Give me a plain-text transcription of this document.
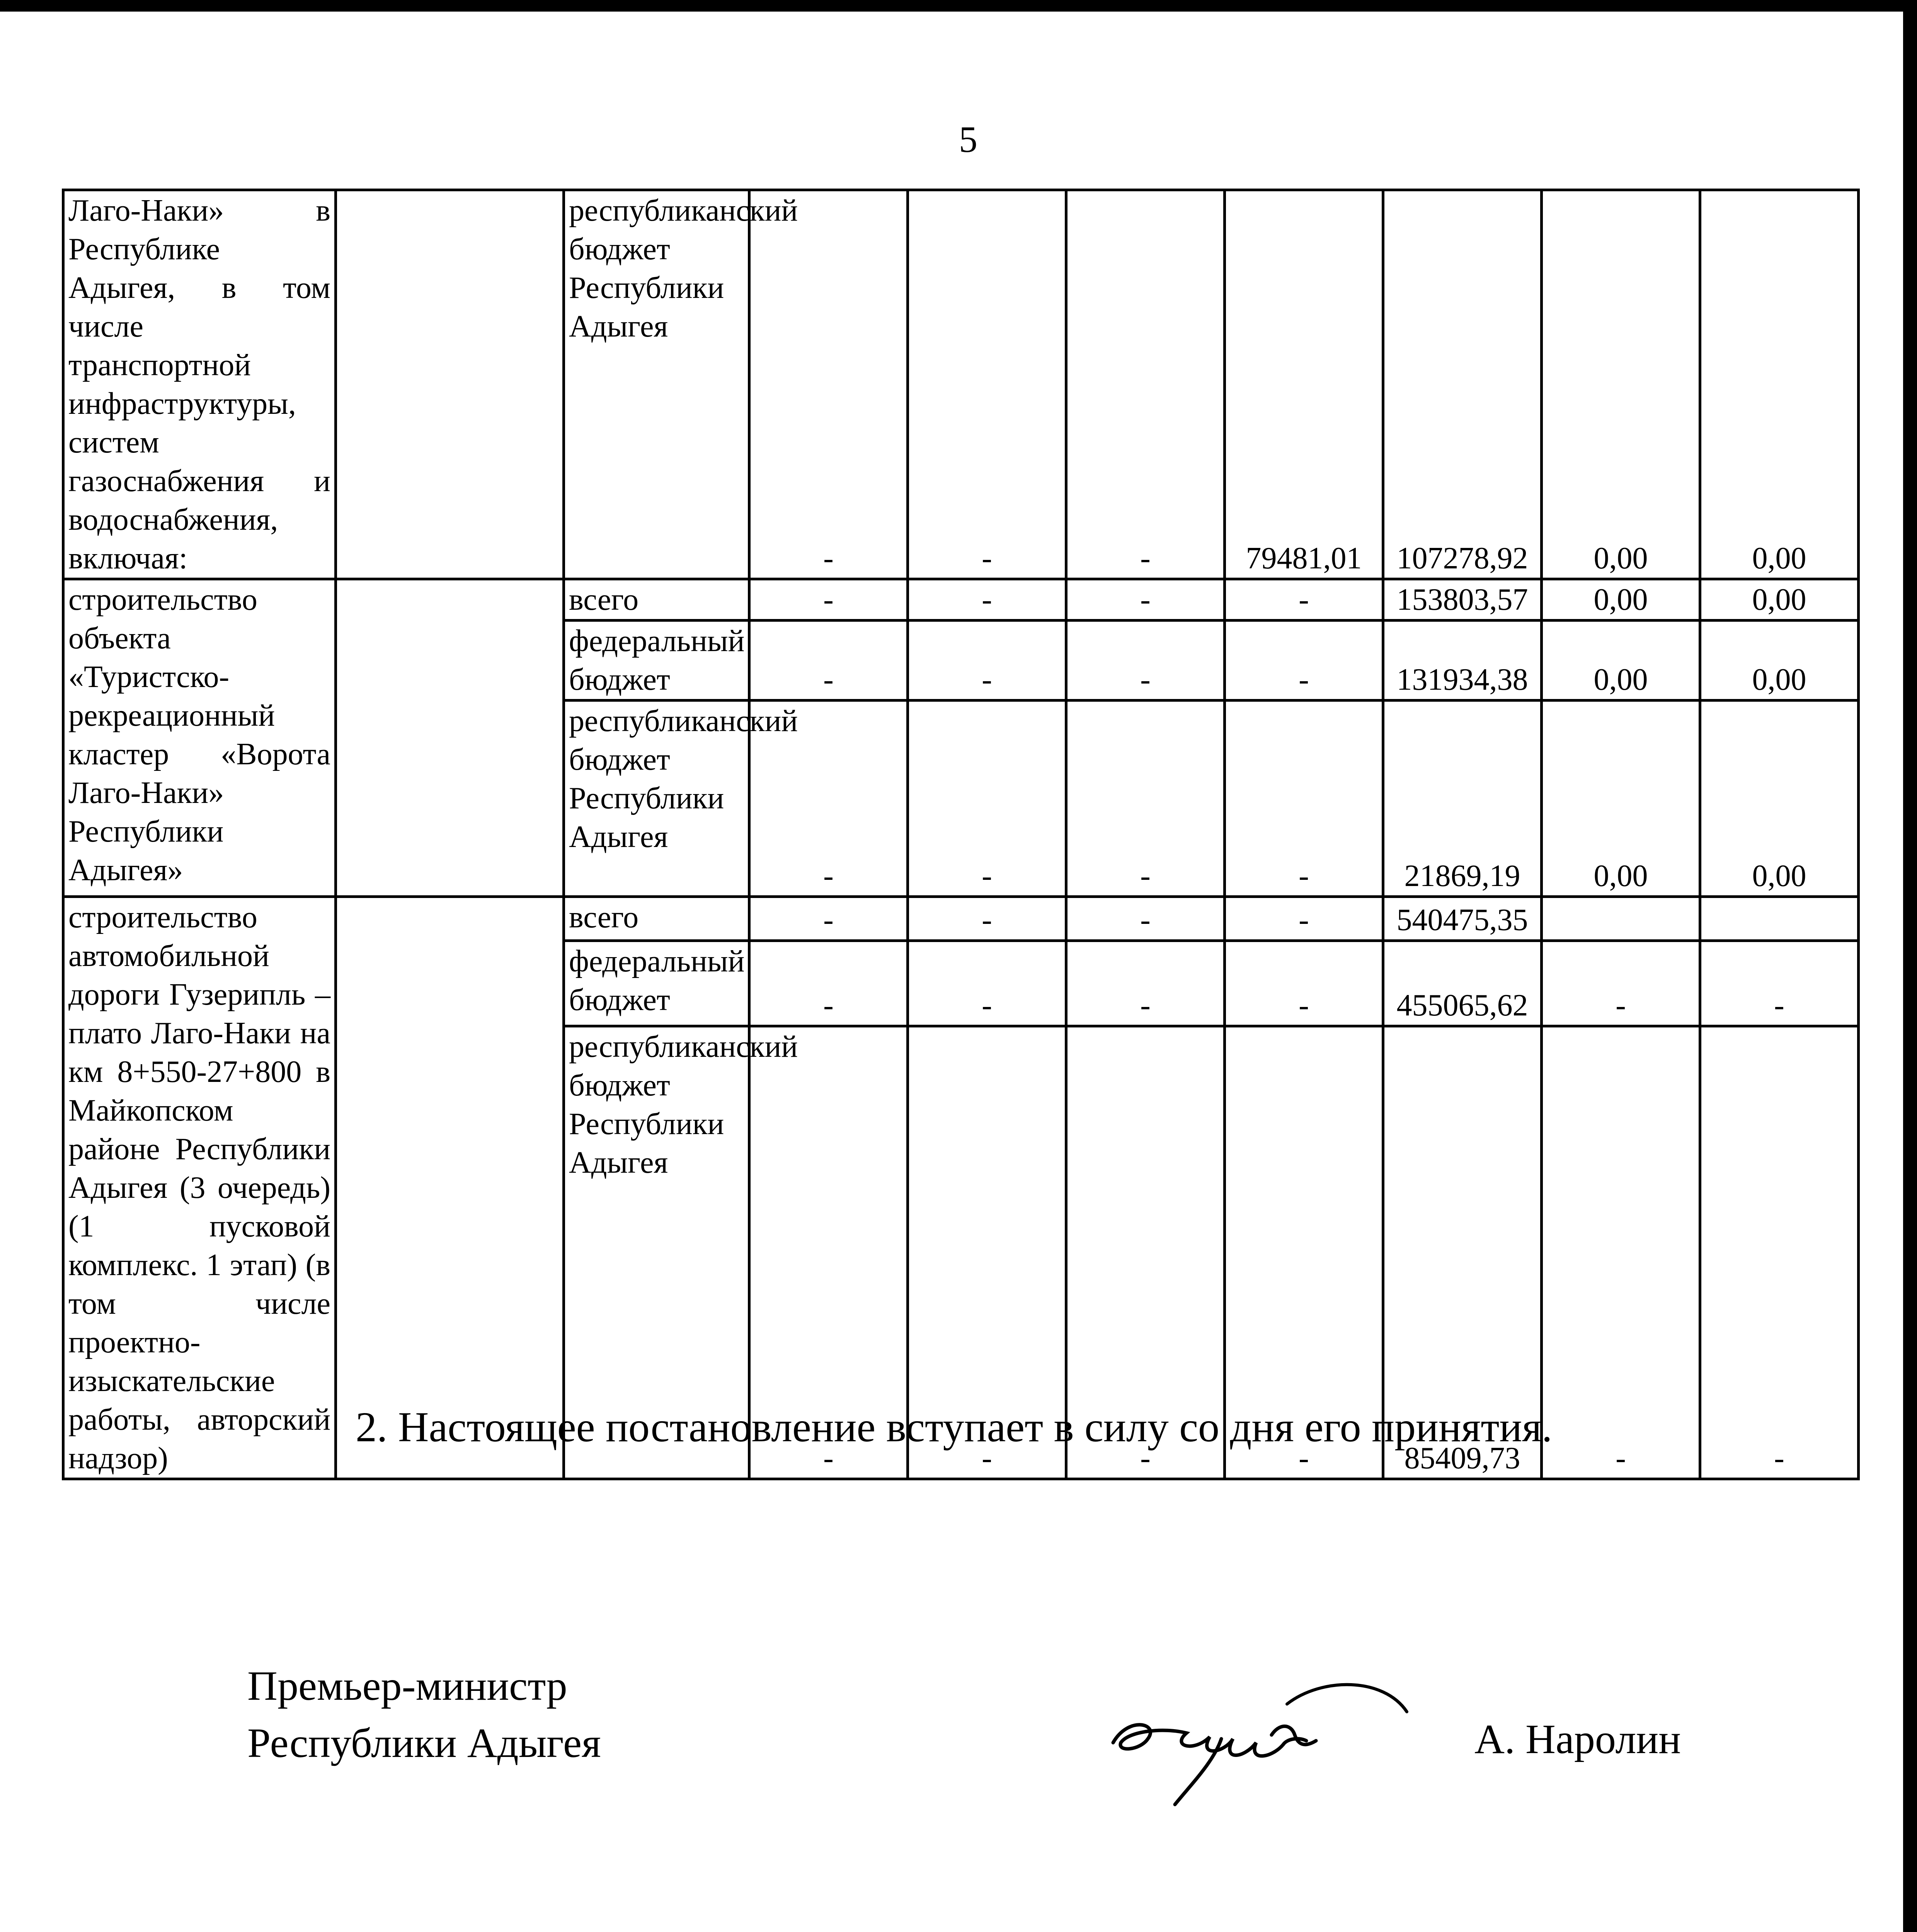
5
Лаго-Наки» в Республике Адыгея, в том числе транспортной инфраструктуры, систем газоснабжения и водоснабжения, включая:		республиканский бюджет Республики Адыгея	-	-	-	79481,01	107278,92	0,00	0,00
строительство объекта «Туристско-рекреационный кластер «Ворота Лаго-Наки» Республики Адыгея»		всего	-	-	-	-	153803,57	0,00	0,00
		федеральный бюджет	-	-	-	-	131934,38	0,00	0,00
		республиканский бюджет Республики Адыгея	-	-	-	-	21869,19	0,00	0,00
строительство автомобильной дороги Гузерипль – плато Лаго-Наки на км 8+550-27+800 в Майкопском районе Республики Адыгея (3 очередь) (1 пусковой комплекс. 1 этап) (в том числе проектно-изыскательские работы, авторский надзор)		всего	-	-	-	-	540475,35		
		федеральный бюджет	-	-	-	-	455065,62	-	-
		республиканский бюджет Республики Адыгея	-	-	-	-	85409,73	-	-
2. Настоящее постановление вступает в силу со дня его принятия.
Премьер-министр
Республики Адыгея	А. Наролин
